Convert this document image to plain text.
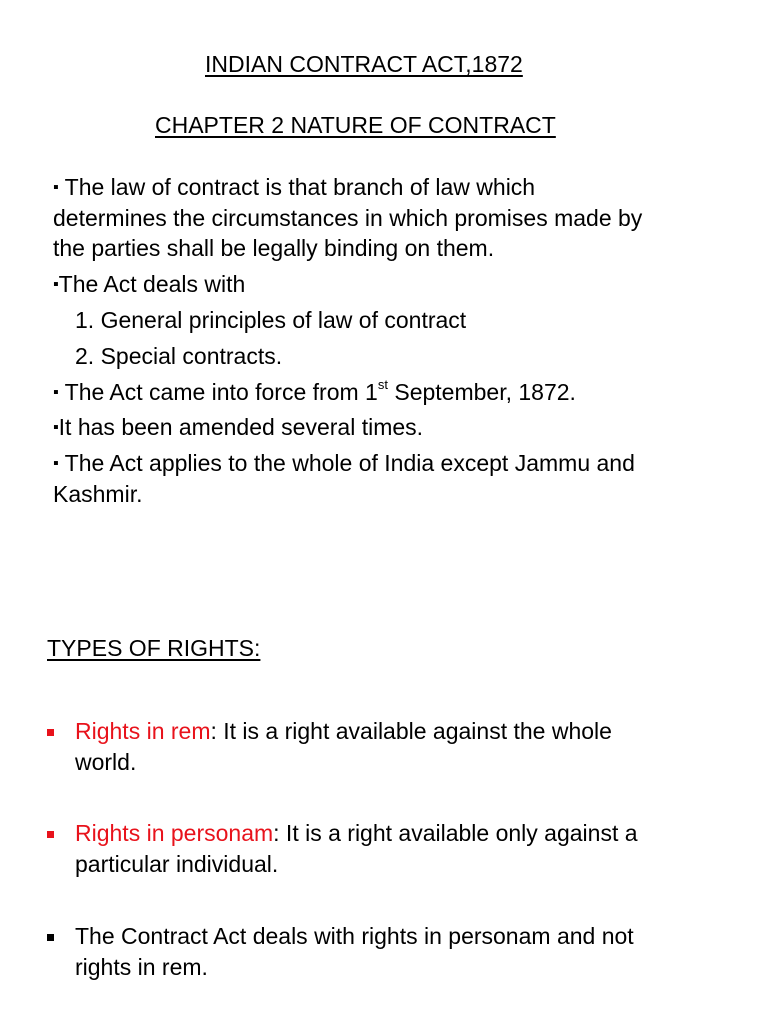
INDIAN CONTRACT ACT,1872
CHAPTER 2 NATURE OF CONTRACT
▪ The law of contract is that branch of law which
determines the circumstances in which promises made by
the parties shall be legally binding on them.
▪The Act deals with
1. General principles of law of contract
2. Special contracts.
▪ The Act came into force from 1st September, 1872.
▪It has been amended several times.
▪ The Act applies to the whole of India except Jammu and
Kashmir.
TYPES OF RIGHTS:
Rights in rem: It is a right available against the whole
world.
Rights in personam: It is a right available only against a
particular individual.
The Contract Act deals with rights in personam and not
rights in rem.
